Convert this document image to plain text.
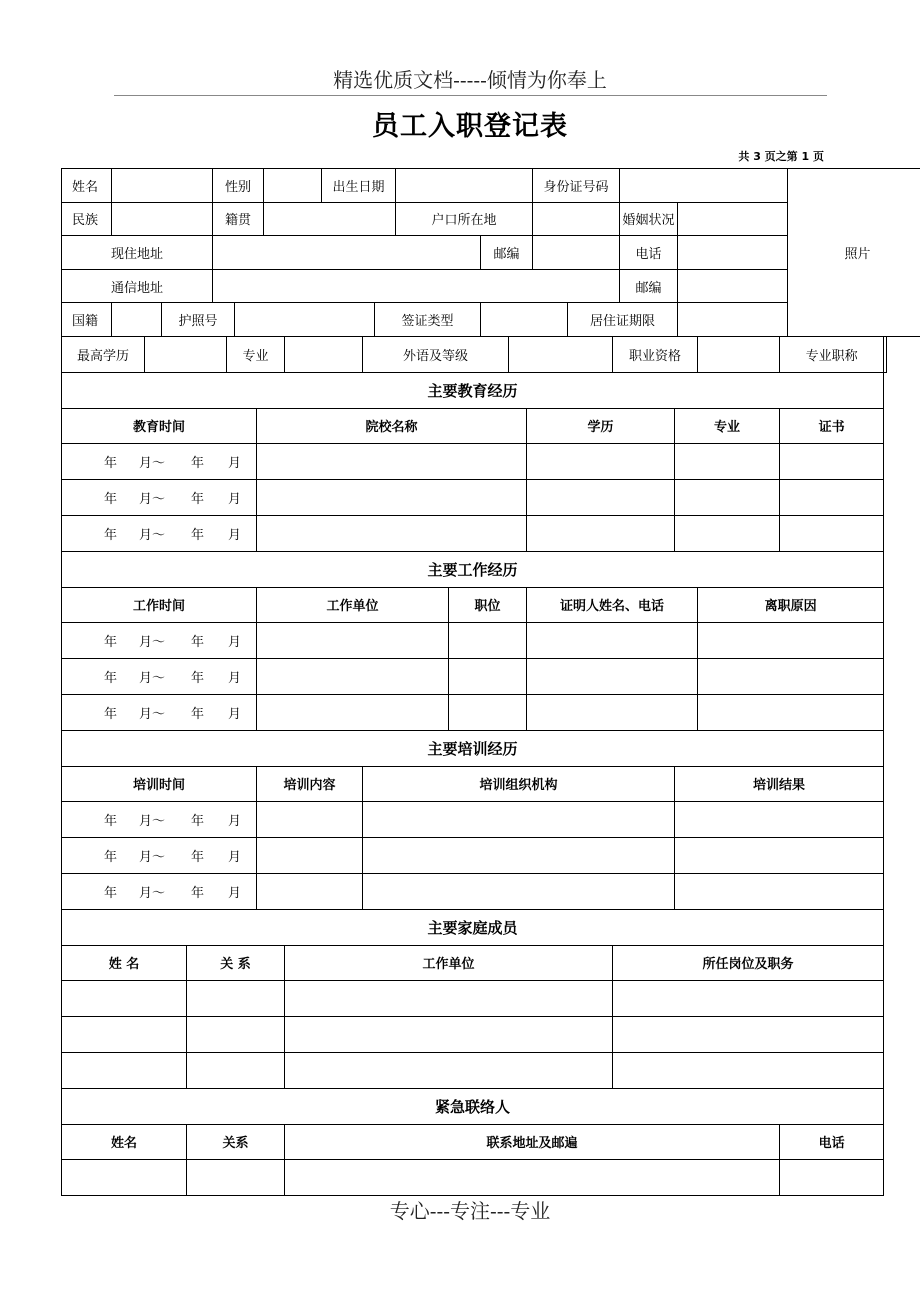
精选优质文档-----倾情为你奉上
员工入职登记表
共 3 页之第 1 页
姓名			性别			出生日期				身份证号码				照片
民族			籍贯					户口所在地				婚姻状况		
现住地址									邮编			电话		
通信地址												邮编		
国籍		护照号					签证类型				居住证期限			
最高学历			专业			外语及等级				职业资格			专业职称	
主要教育经历														
教育时间				院校名称					学历		专业		证书	
年 月～ 年 月														
年 月～ 年 月														
年 月～ 年 月														
主要工作经历														
工作时间				工作单位			职位		证明人姓名、电话			离职原因		
年 月～ 年 月														
年 月～ 年 月														
年 月～ 年 月														
主要培训经历														
培训时间				培训内容		培训组织机构					培训结果			
年 月～ 年 月														
年 月～ 年 月														
年 月～ 年 月														
主要家庭成员														
姓 名		关 系			工作单位					所任岗位及职务				

紧急联络人														
姓名		关系			联系地址及邮遍								电话	

专心---专注---专业
